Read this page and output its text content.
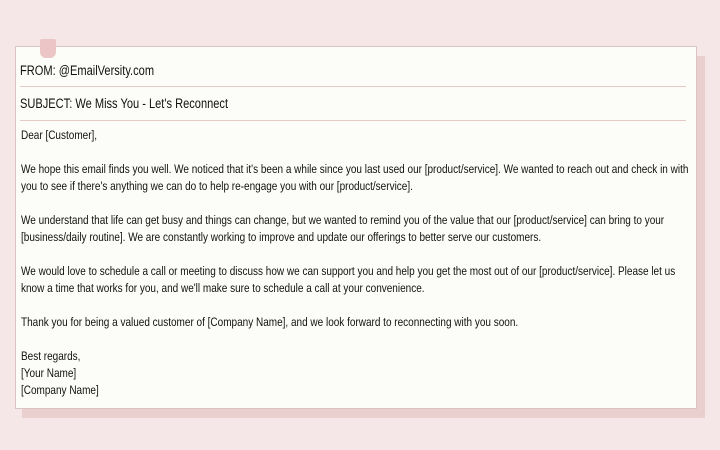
FROM: @EmailVersity.com
SUBJECT: We Miss You - Let's Reconnect

Dear [Customer],

We hope this email finds you well. We noticed that it's been a while since you last used our [product/service]. We wanted to reach out and check in with you to see if there's anything we can do to help re-engage you with our [product/service].

We understand that life can get busy and things can change, but we wanted to remind you of the value that our [product/service] can bring to your [business/daily routine]. We are constantly working to improve and update our offerings to better serve our customers.

We would love to schedule a call or meeting to discuss how we can support you and help you get the most out of our [product/service]. Please let us know a time that works for you, and we'll make sure to schedule a call at your convenience.

Thank you for being a valued customer of [Company Name], and we look forward to reconnecting with you soon.

Best regards,
[Your Name]
[Company Name]
